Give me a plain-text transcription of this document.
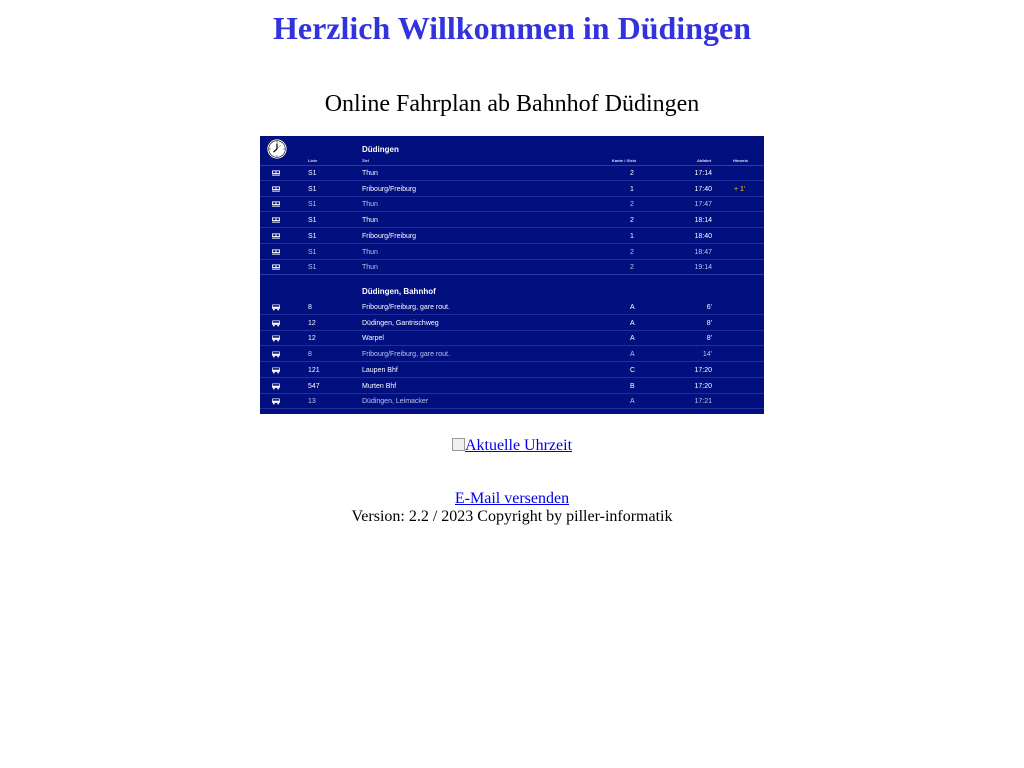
Herzlich Willkommen in Düdingen
Online Fahrplan ab Bahnhof Düdingen
Düdingen
Linie	Ziel	Kante / Gleis	Abfahrt	Hinweis
S1	Thun	2	17:14
S1	Fribourg/Freiburg	1	17:40	+ 1'
S1	Thun	2	17:47
S1	Thun	2	18:14
S1	Fribourg/Freiburg	1	18:40
S1	Thun	2	18:47
S1	Thun	2	19:14
Düdingen, Bahnhof
8	Fribourg/Freiburg, gare rout.	A	6'
12	Düdingen, Gantrischweg	A	8'
12	Warpel	A	8'
8	Fribourg/Freiburg, gare rout.	A	14'
121	Laupen Bhf	C	17:20
547	Murten Bhf	B	17:20
13	Düdingen, Leimacker	A	17:21
Aktuelle Uhrzeit
E-Mail versenden
Version: 2.2 / 2023 Copyright by piller-informatik
